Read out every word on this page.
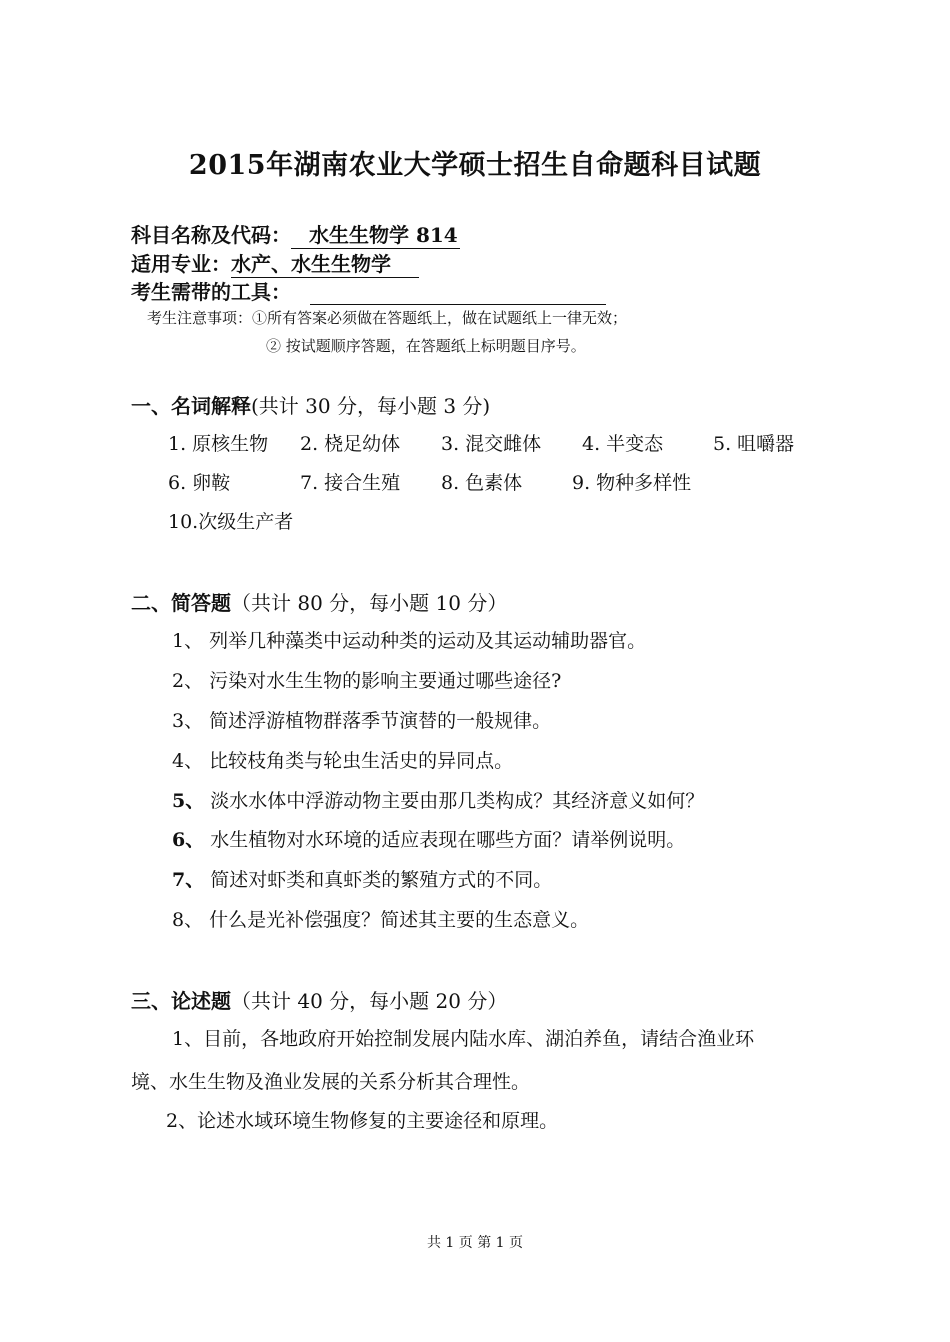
2015年湖南农业大学硕士招生自命题科目试题
科目名称及代码： 水生生物学 814
适用专业：水产、水生生物学
考生需带的工具：
考生注意事项：①所有答案必须做在答题纸上，做在试题纸上一律无效；
② 按试题顺序答题，在答题纸上标明题目序号。
一、名词解释(共计 30 分，每小题 3 分)
1. 原核生物 2. 桡足幼体 3. 混交雌体 4. 半变态	5. 咀嚼器
6. 卵鞍	7. 接合生殖 8. 色素体	9. 物种多样性
10.次级生产者
二、简答题（共计 80 分，每小题 10 分）
1、 列举几种藻类中运动种类的运动及其运动辅助器官。
2、 污染对水生生物的影响主要通过哪些途径?
3、 简述浮游植物群落季节演替的一般规律。
4、 比较枝角类与轮虫生活史的异同点。
5、 淡水水体中浮游动物主要由那几类构成？其经济意义如何？
6、 水生植物对水环境的适应表现在哪些方面？请举例说明。
7、 简述对虾类和真虾类的繁殖方式的不同。
8、 什么是光补偿强度？简述其主要的生态意义。
三、论述题（共计 40 分，每小题 20 分）
1、目前，各地政府开始控制发展内陆水库、湖泊养鱼，请结合渔业环
境、水生生物及渔业发展的关系分析其合理性。
2、论述水域环境生物修复的主要途径和原理。
共 1 页 第 1 页
